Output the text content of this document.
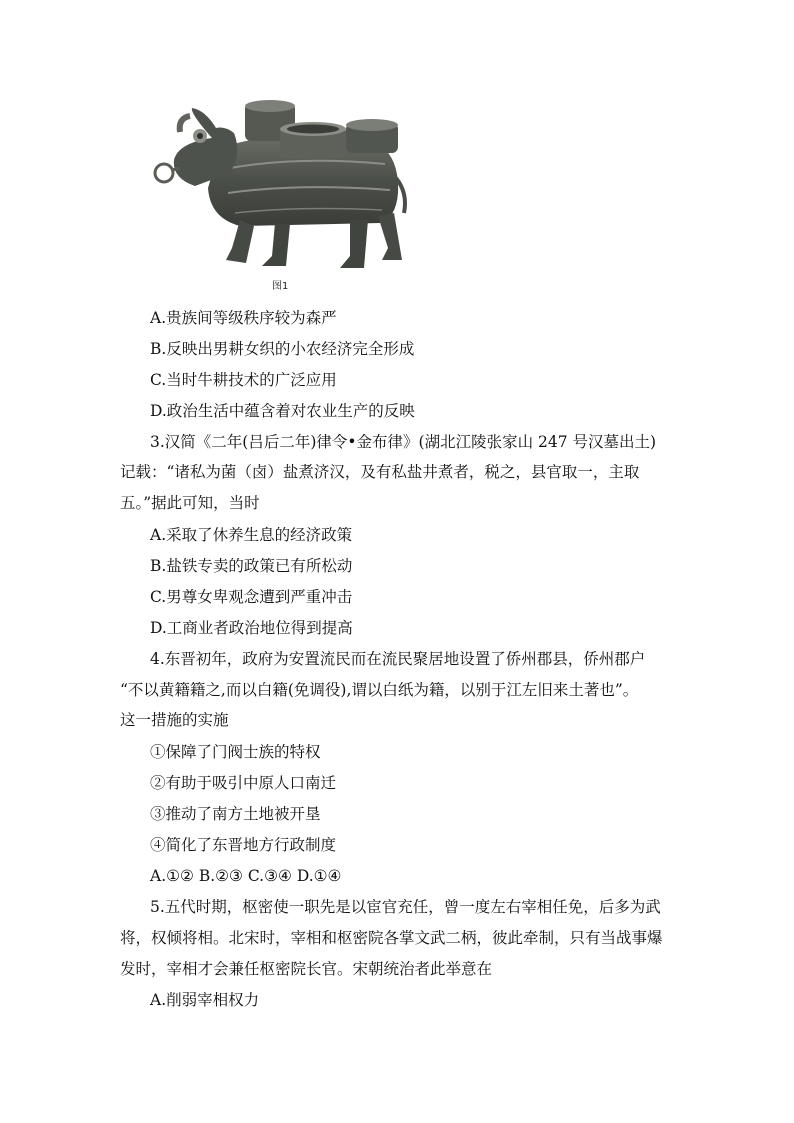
图1
A.贵族间等级秩序较为森严
B.反映出男耕女织的小农经济完全形成
C.当时牛耕技术的广泛应用
D.政治生活中蕴含着对农业生产的反映
3.汉简《二年(吕后二年)律令•金布律》(湖北江陵张家山 247 号汉墓出土)
记载：“诸私为菌（卤）盐煮济汉，及有私盐井煮者，税之，县官取一，主取
五。”据此可知，当时
A.采取了休养生息的经济政策
B.盐铁专卖的政策已有所松动
C.男尊女卑观念遭到严重冲击
D.工商业者政治地位得到提高
4.东晋初年，政府为安置流民而在流民聚居地设置了侨州郡县，侨州郡户
“不以黄籍籍之,而以白籍(免调役),谓以白纸为籍，以别于江左旧来土著也”。
这一措施的实施
①保障了门阀士族的特权
②有助于吸引中原人口南迁
③推动了南方土地被开垦
④简化了东晋地方行政制度
A.①② B.②③ C.③④ D.①④
5.五代时期，枢密使一职先是以宦官充任，曾一度左右宰相任免，后多为武
将，权倾将相。北宋时，宰相和枢密院各掌文武二柄，彼此牵制，只有当战事爆
发时，宰相才会兼任枢密院长官。宋朝统治者此举意在
A.削弱宰相权力
